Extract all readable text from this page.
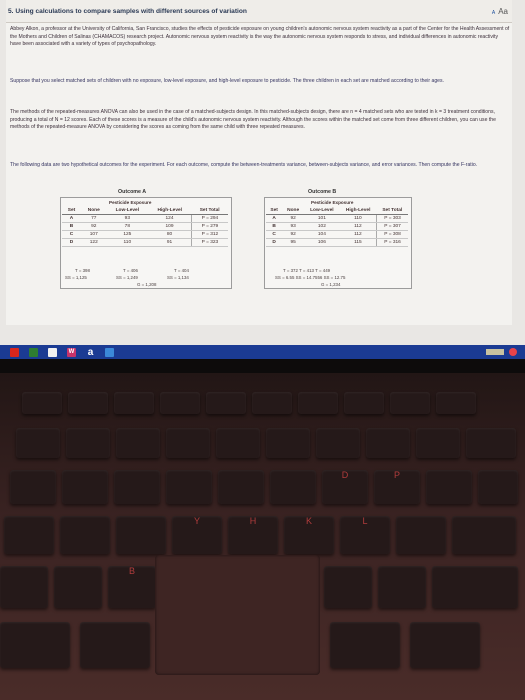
5. Using calculations to compare samples with different sources of variation	A Aa

Abbey Alkon, a professor at the University of California, San Francisco, studies the effects of pesticide exposure on young children's autonomic nervous system reactivity as a part of the Center for the Health Assessment of the Mothers and Children of Salinas (CHAMACOS) research project. Autonomic nervous system reactivity is the way the autonomic nervous system responds to stress, and individual differences in autonomic reactivity have been associated with a variety of types of psychopathology.

Suppose that you select matched sets of children with no exposure, low-level exposure, and high-level exposure to pesticide. The three children in each set are matched according to their ages.

The methods of the repeated-measures ANOVA can also be used in the case of a matched-subjects design. In this matched-subjects design, there are n = 4 matched sets who are tested in k = 3 treatment conditions, producing a total of N = 12 scores. Each of these scores is a measure of the child's autonomic nervous system reactivity. Although the scores within the matched set come from three different children, you can use the methods of the repeated-measure ANOVA by considering the scores as coming from the same child with three repeated measures.

The following data are two hypothetical outcomes for the experiment. For each outcome, compute the between-treatments variance, between-subjects variance, and error variances. Then compute the F-ratio.

Outcome A
Pesticide Exposure
Set	None	Low-Level	High-Level	Set Total
A	77	93	124	P = 294
B	92	78	109	P = 279
C	107	125	80	P = 312
D	122	110	91	P = 323
T = 398	T = 406	T = 404
SS = 1,125	SS = 1,249	SS = 1,134
G = 1,208
Outcome B
Pesticide Exposure
Set	None	Low-Level	High-Level	Set Total
A	92	101	110	P = 303
B	93	102	112	P = 307
C	92	104	112	P = 308
D	95	106	115	P = 316
T = 372 T = 413 T = 449
SS = 6.55 SS = 14.7556 SS = 12.75
G = 1,234
W a
D	P
Y	H	K	L
B
